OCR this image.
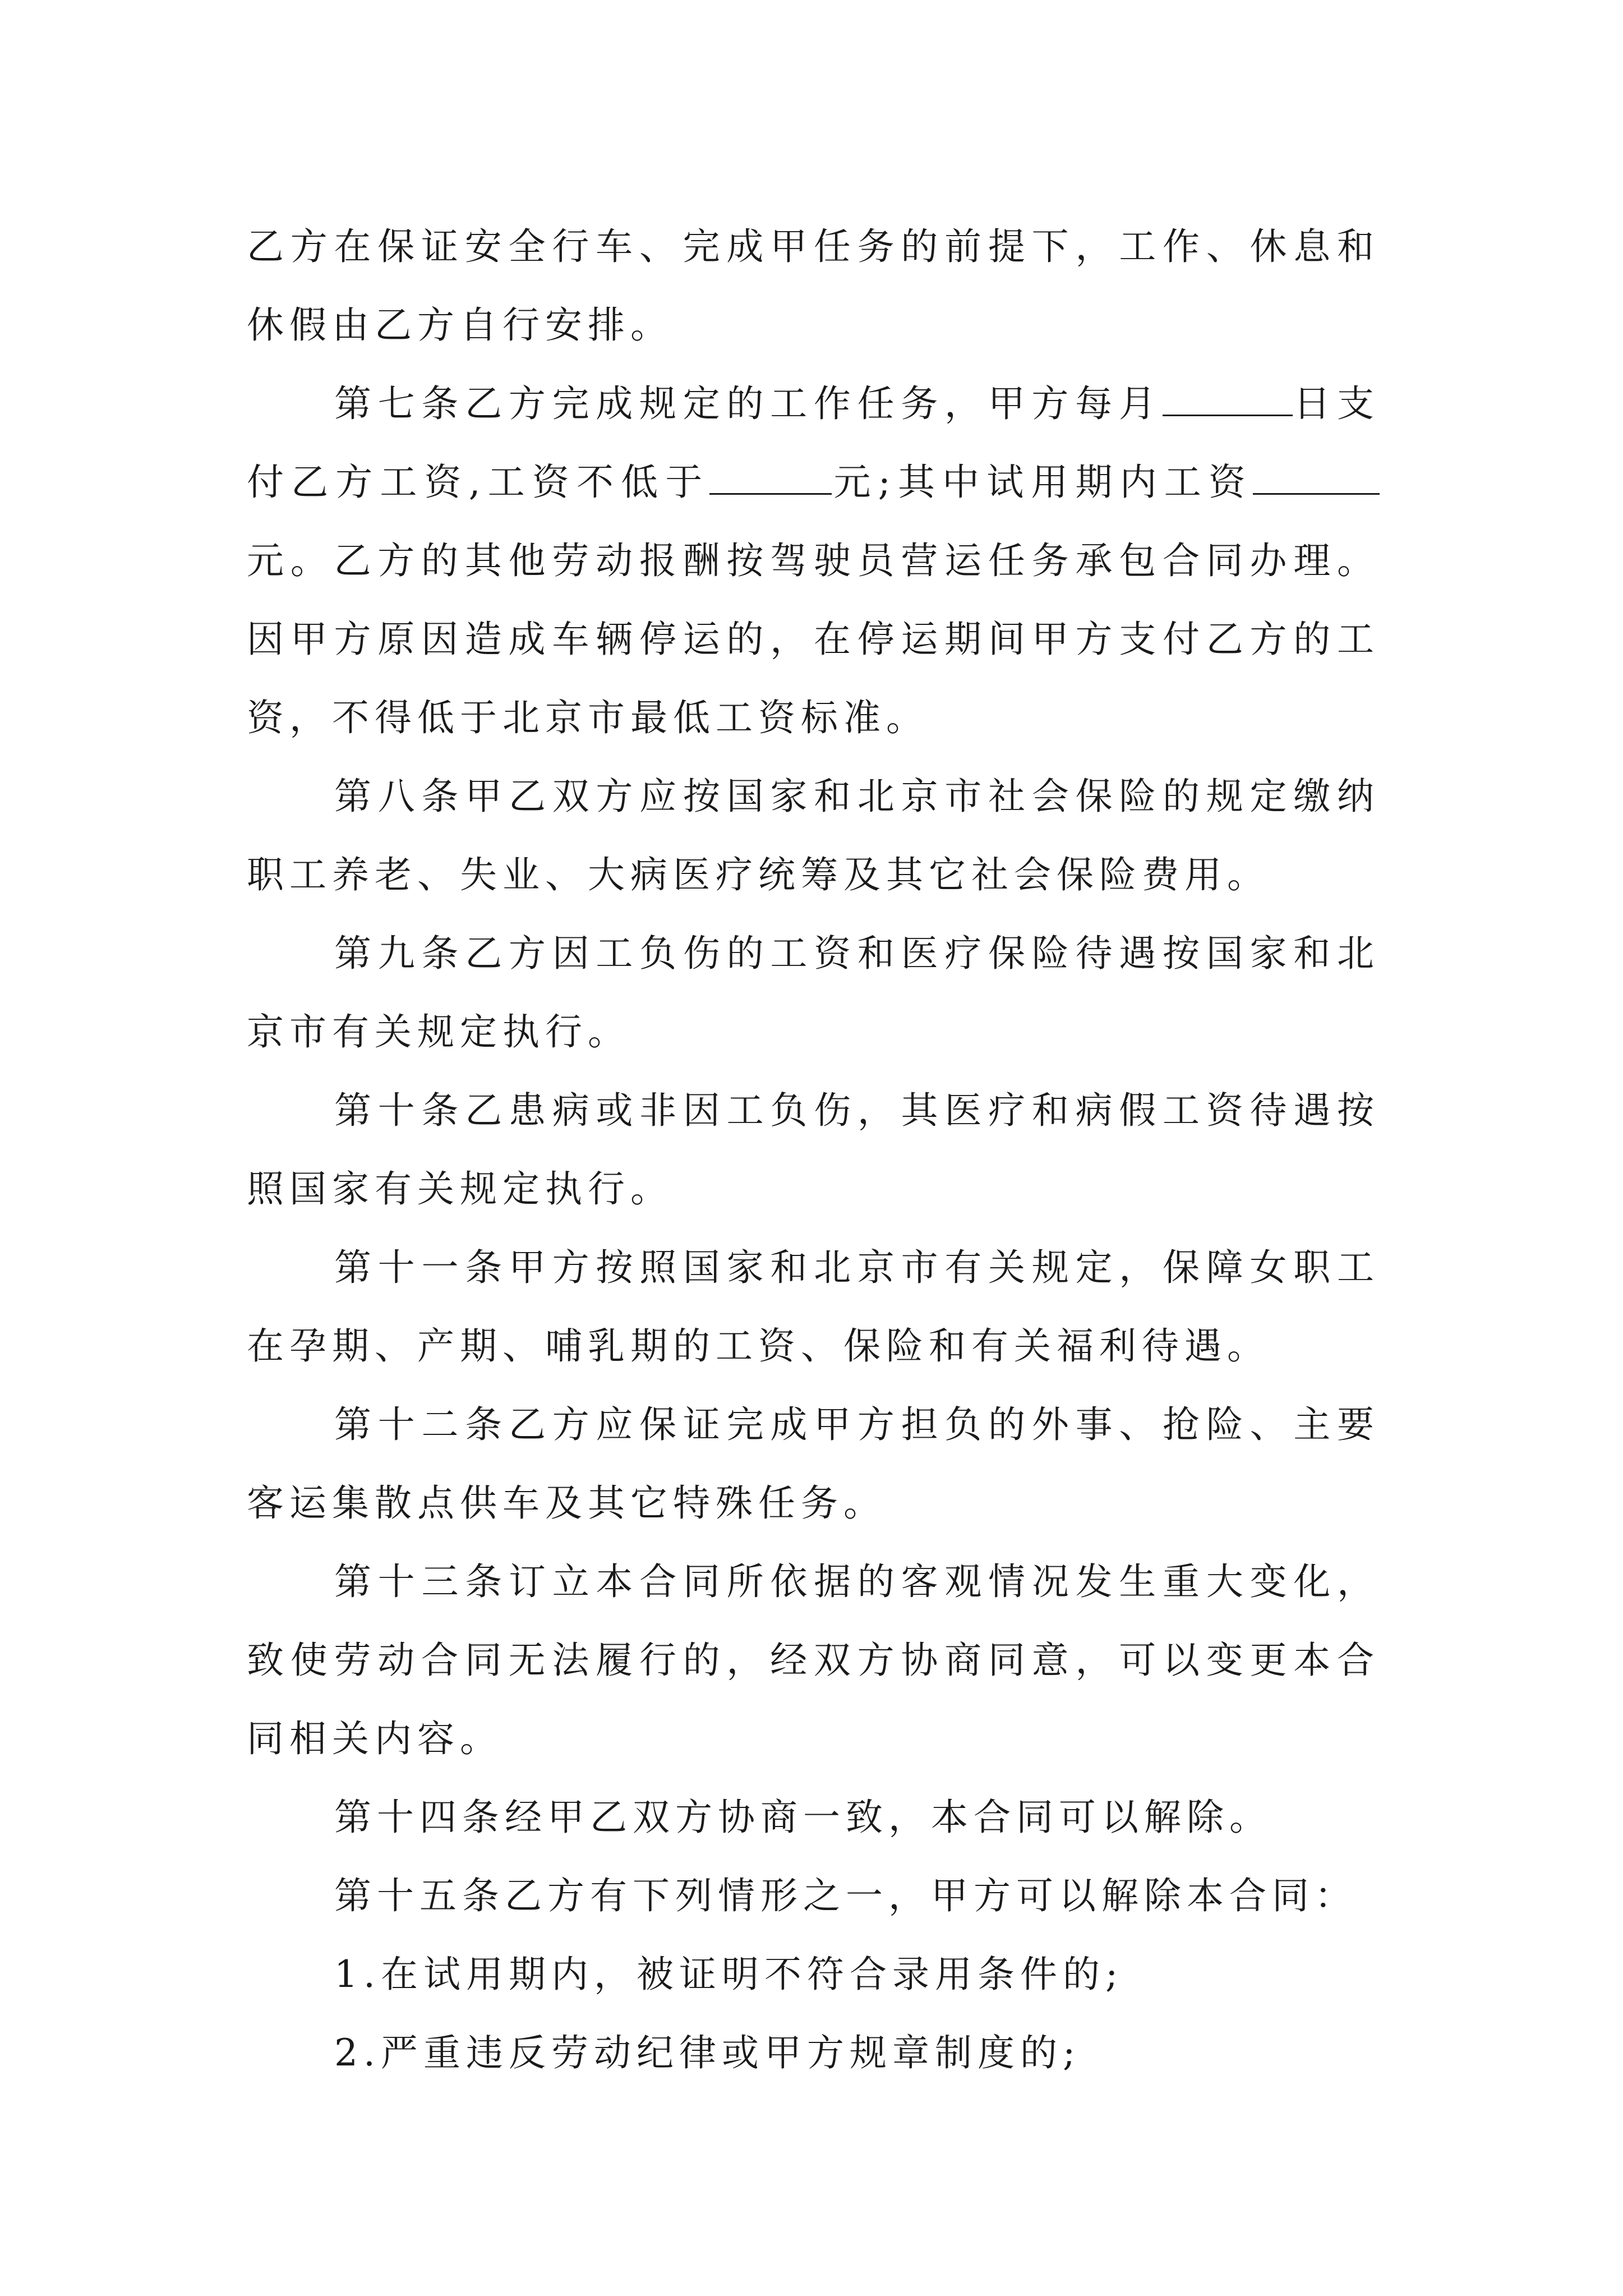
乙方在保证安全行车、完成甲任务的前提下，工作、休息和休假由乙方自行安排。

第七条乙方完成规定的工作任务，甲方每月	日支付乙方工资,工资不低于	元;其中试用期内工资元。乙方的其他劳动报酬按驾驶员营运任务承包合同办理。因甲方原因造成车辆停运的，在停运期间甲方支付乙方的工资，不得低于北京市最低工资标准。

第八条甲乙双方应按国家和北京市社会保险的规定缴纳职工养老、失业、大病医疗统筹及其它社会保险费用。

第九条乙方因工负伤的工资和医疗保险待遇按国家和北京市有关规定执行。

第十条乙患病或非因工负伤，其医疗和病假工资待遇按照国家有关规定执行。

第十一条甲方按照国家和北京市有关规定，保障女职工在孕期、产期、哺乳期的工资、保险和有关福利待遇。

第十二条乙方应保证完成甲方担负的外事、抢险、主要客运集散点供车及其它特殊任务。

第十三条订立本合同所依据的客观情况发生重大变化，致使劳动合同无法履行的，经双方协商同意，可以变更本合同相关内容。

第十四条经甲乙双方协商一致，本合同可以解除。

第十五条乙方有下列情形之一，甲方可以解除本合同：

1.在试用期内，被证明不符合录用条件的;

2.严重违反劳动纪律或甲方规章制度的;
